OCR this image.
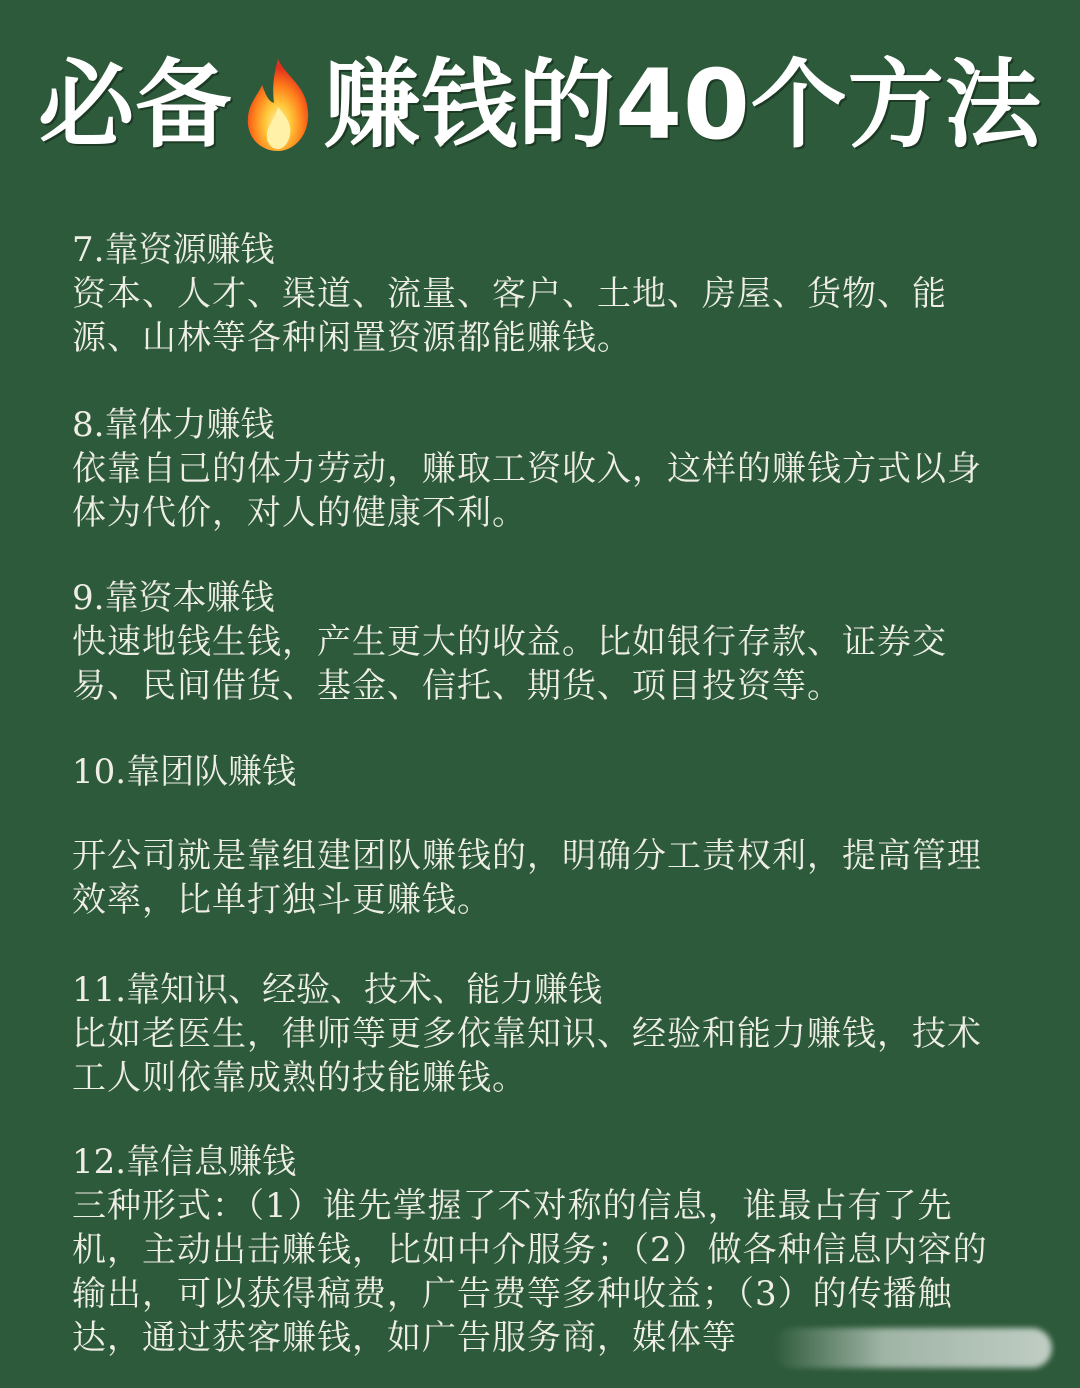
必备 赚钱的40个方法

7.靠资源赚钱

资本、人才、渠道、流量、客户、土地、房屋、货物、能源、山林等各种闲置资源都能赚钱。

8.靠体力赚钱

依靠自己的体力劳动，赚取工资收入，这样的赚钱方式以身体为代价，对人的健康不利。

9.靠资本赚钱

快速地钱生钱，产生更大的收益。比如银行存款、证券交易、民间借货、基金、信托、期货、项目投资等。

10.靠团队赚钱

开公司就是靠组建团队赚钱的，明确分工责权利，提高管理效率，比单打独斗更赚钱。

11.靠知识、经验、技术、能力赚钱

比如老医生，律师等更多依靠知识、经验和能力赚钱，技术工人则依靠成熟的技能赚钱。

12.靠信息赚钱

三种形式：（1）谁先掌握了不对称的信息，谁最占有了先机，主动出击赚钱，比如中介服务；（2）做各种信息内容的输出，可以获得稿费，广告费等多种收益；（3）的传播触达，通过获客赚钱，如广告服务商，媒体等
